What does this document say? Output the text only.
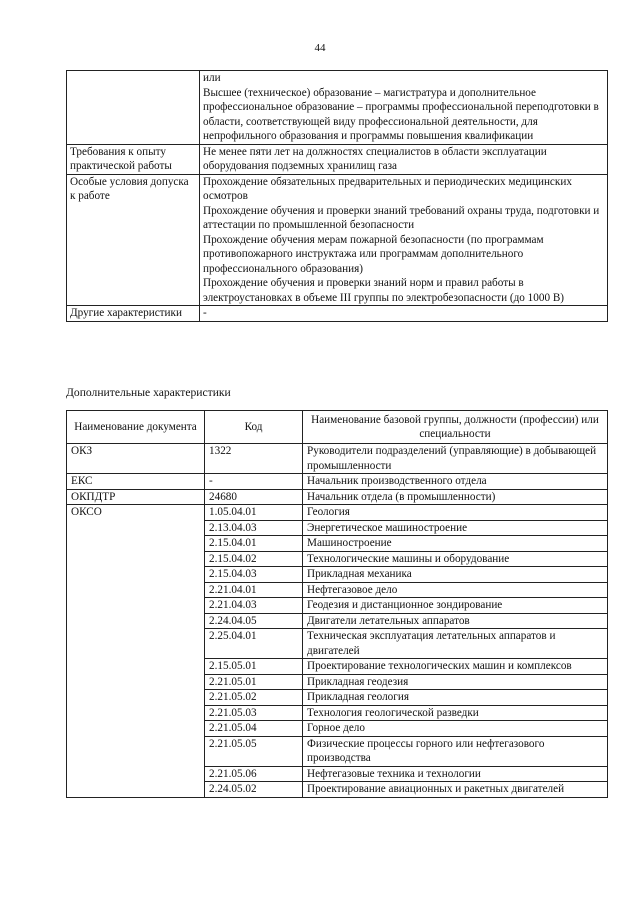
44

	или

Высшее (техническое) образование – магистратура и дополнительное профессиональное образование – программы профессиональной переподготовки в области, соответствующей виду профессиональной деятельности, для непрофильного образования и программы повышения квалификации

Требования к опыту практической работы	Не менее пяти лет на должностях специалистов в области эксплуатации оборудования подземных хранилищ газа
Особые условия допуска к работе	Прохождение обязательных предварительных и периодических медицинских осмотров

Прохождение обучения и проверки знаний требований охраны труда, подготовки и аттестации по промышленной безопасности

Прохождение обучения мерам пожарной безопасности (по программам противопожарного инструктажа или программам дополнительного профессионального образования)

Прохождение обучения и проверки знаний норм и правил работы в электроустановках в объеме III группы по электробезопасности (до 1000 В)

Другие характеристики	-
Дополнительные характеристики
Наименование документа	Код	Наименование базовой группы, должности (профессии) или специальности
ОКЗ	1322	Руководители подразделений (управляющие) в добывающей промышленности
ЕКС	-	Начальник производственного отдела
ОКПДТР	24680	Начальник отдела (в промышленности)
ОКСО	1.05.04.01	Геология
	2.13.04.03	Энергетическое машиностроение
	2.15.04.01	Машиностроение
	2.15.04.02	Технологические машины и оборудование
	2.15.04.03	Прикладная механика
	2.21.04.01	Нефтегазовое дело
	2.21.04.03	Геодезия и дистанционное зондирование
	2.24.04.05	Двигатели летательных аппаратов
	2.25.04.01	Техническая эксплуатация летательных аппаратов и двигателей
	2.15.05.01	Проектирование технологических машин и комплексов
	2.21.05.01	Прикладная геодезия
	2.21.05.02	Прикладная геология
	2.21.05.03	Технология геологической разведки
	2.21.05.04	Горное дело
	2.21.05.05	Физические процессы горного или нефтегазового производства
	2.21.05.06	Нефтегазовые техника и технологии
	2.24.05.02	Проектирование авиационных и ракетных двигателей
